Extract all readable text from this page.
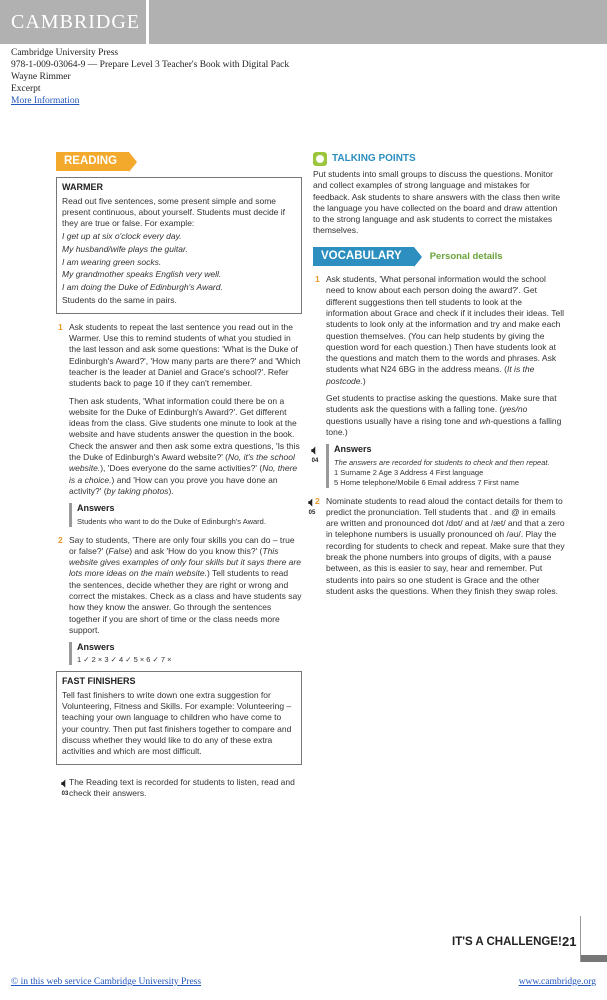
CAMBRIDGE
Cambridge University Press
978-1-009-03064-9 — Prepare Level 3 Teacher's Book with Digital Pack
Wayne Rimmer
Excerpt
More Information
READING
WARMER

Read out five sentences, some present simple and some present continuous, about yourself. Students must decide if they are true or false. For example:

I get up at six o'clock every day.

My husband/wife plays the guitar.

I am wearing green socks.

My grandmother speaks English very well.

I am doing the Duke of Edinburgh's Award.

Students do the same in pairs.

1 Ask students to repeat the last sentence you read out in the Warmer. Use this to remind students of what you studied in the last lesson and ask some questions: 'What is the Duke of Edinburgh's Award?', 'How many parts are there?' and 'Which teacher is the leader at Daniel and Grace's school?'. Refer students back to page 10 if they can't remember.

Then ask students, 'What information could there be on a website for the Duke of Edinburgh's Award?'. Get different ideas from the class. Give students one minute to look at the website and have students answer the question in the book. Check the answer and then ask some extra questions, 'Is this the Duke of Edinburgh's Award website?' (No, it's the school website.), 'Does everyone do the same activities?' (No, there is a choice.) and 'How can you prove you have done an activity?' (by taking photos).

Answers
Students who want to do the Duke of Edinburgh's Award.
2 Say to students, 'There are only four skills you can do – true or false?' (False) and ask 'How do you know this?' (This website gives examples of only four skills but it says there are lots more ideas on the main website.) Tell students to read the sentences, decide whether they are right or wrong and correct the mistakes. Check as a class and have students say how they know the answer. Go through the sentences together if you are short of time or the class needs more support.

Answers
1 ✓ 2 × 3 ✓ 4 ✓ 5 × 6 ✓ 7 ×
FAST FINISHERS

Tell fast finishers to write down one extra suggestion for Volunteering, Fitness and Skills. For example: Volunteering – teaching your own language to children who have come to your country. Then put fast finishers together to compare and discuss whether they would like to do any of these extra activities and which are most difficult.

🔈︎
03

The Reading text is recorded for students to listen, read and check their answers.

TALKING POINTS

Put students into small groups to discuss the questions. Monitor and collect examples of strong language and mistakes for feedback. Ask students to share answers with the class then write the language you have collected on the board and draw attention to the strong language and ask students to correct the mistakes themselves.

VOCABULARY	Personal details
1 Ask students, 'What personal information would the school need to know about each person doing the award?'. Get different suggestions then tell students to look at the information about Grace and check if it includes their ideas. Tell students to look only at the information and try and make each question themselves. (You can help students by giving the question word for each question.) Then have students look at the questions and match them to the words and phrases. Ask students what N24 6BG in the address means. (It is the postcode.)

Get students to practise asking the questions. Make sure that students ask the questions with a falling tone. (yes/no questions usually have a rising tone and wh-questions a falling tone.)

🔈︎
04
Answers
The answers are recorded for students to check and then repeat.
1 Surname 2 Age 3 Address 4 First language
5 Home telephone/Mobile 6 Email address 7 First name
🔈︎
05
2 Nominate students to read aloud the contact details for them to predict the pronunciation. Tell students that . and @ in emails are written and pronounced dot /dɒt/ and at /æt/ and that a zero in telephone numbers is usually pronounced oh /əʊ/. Play the recording for students to check and repeat. Make sure that they break the phone numbers into groups of digits, with a pause between, as this is easier to say, hear and remember. Put students into pairs so one student is Grace and the other student asks the questions. When they finish they swap roles.

IT'S A CHALLENGE! 21
© in this web service Cambridge University Press	www.cambridge.org
